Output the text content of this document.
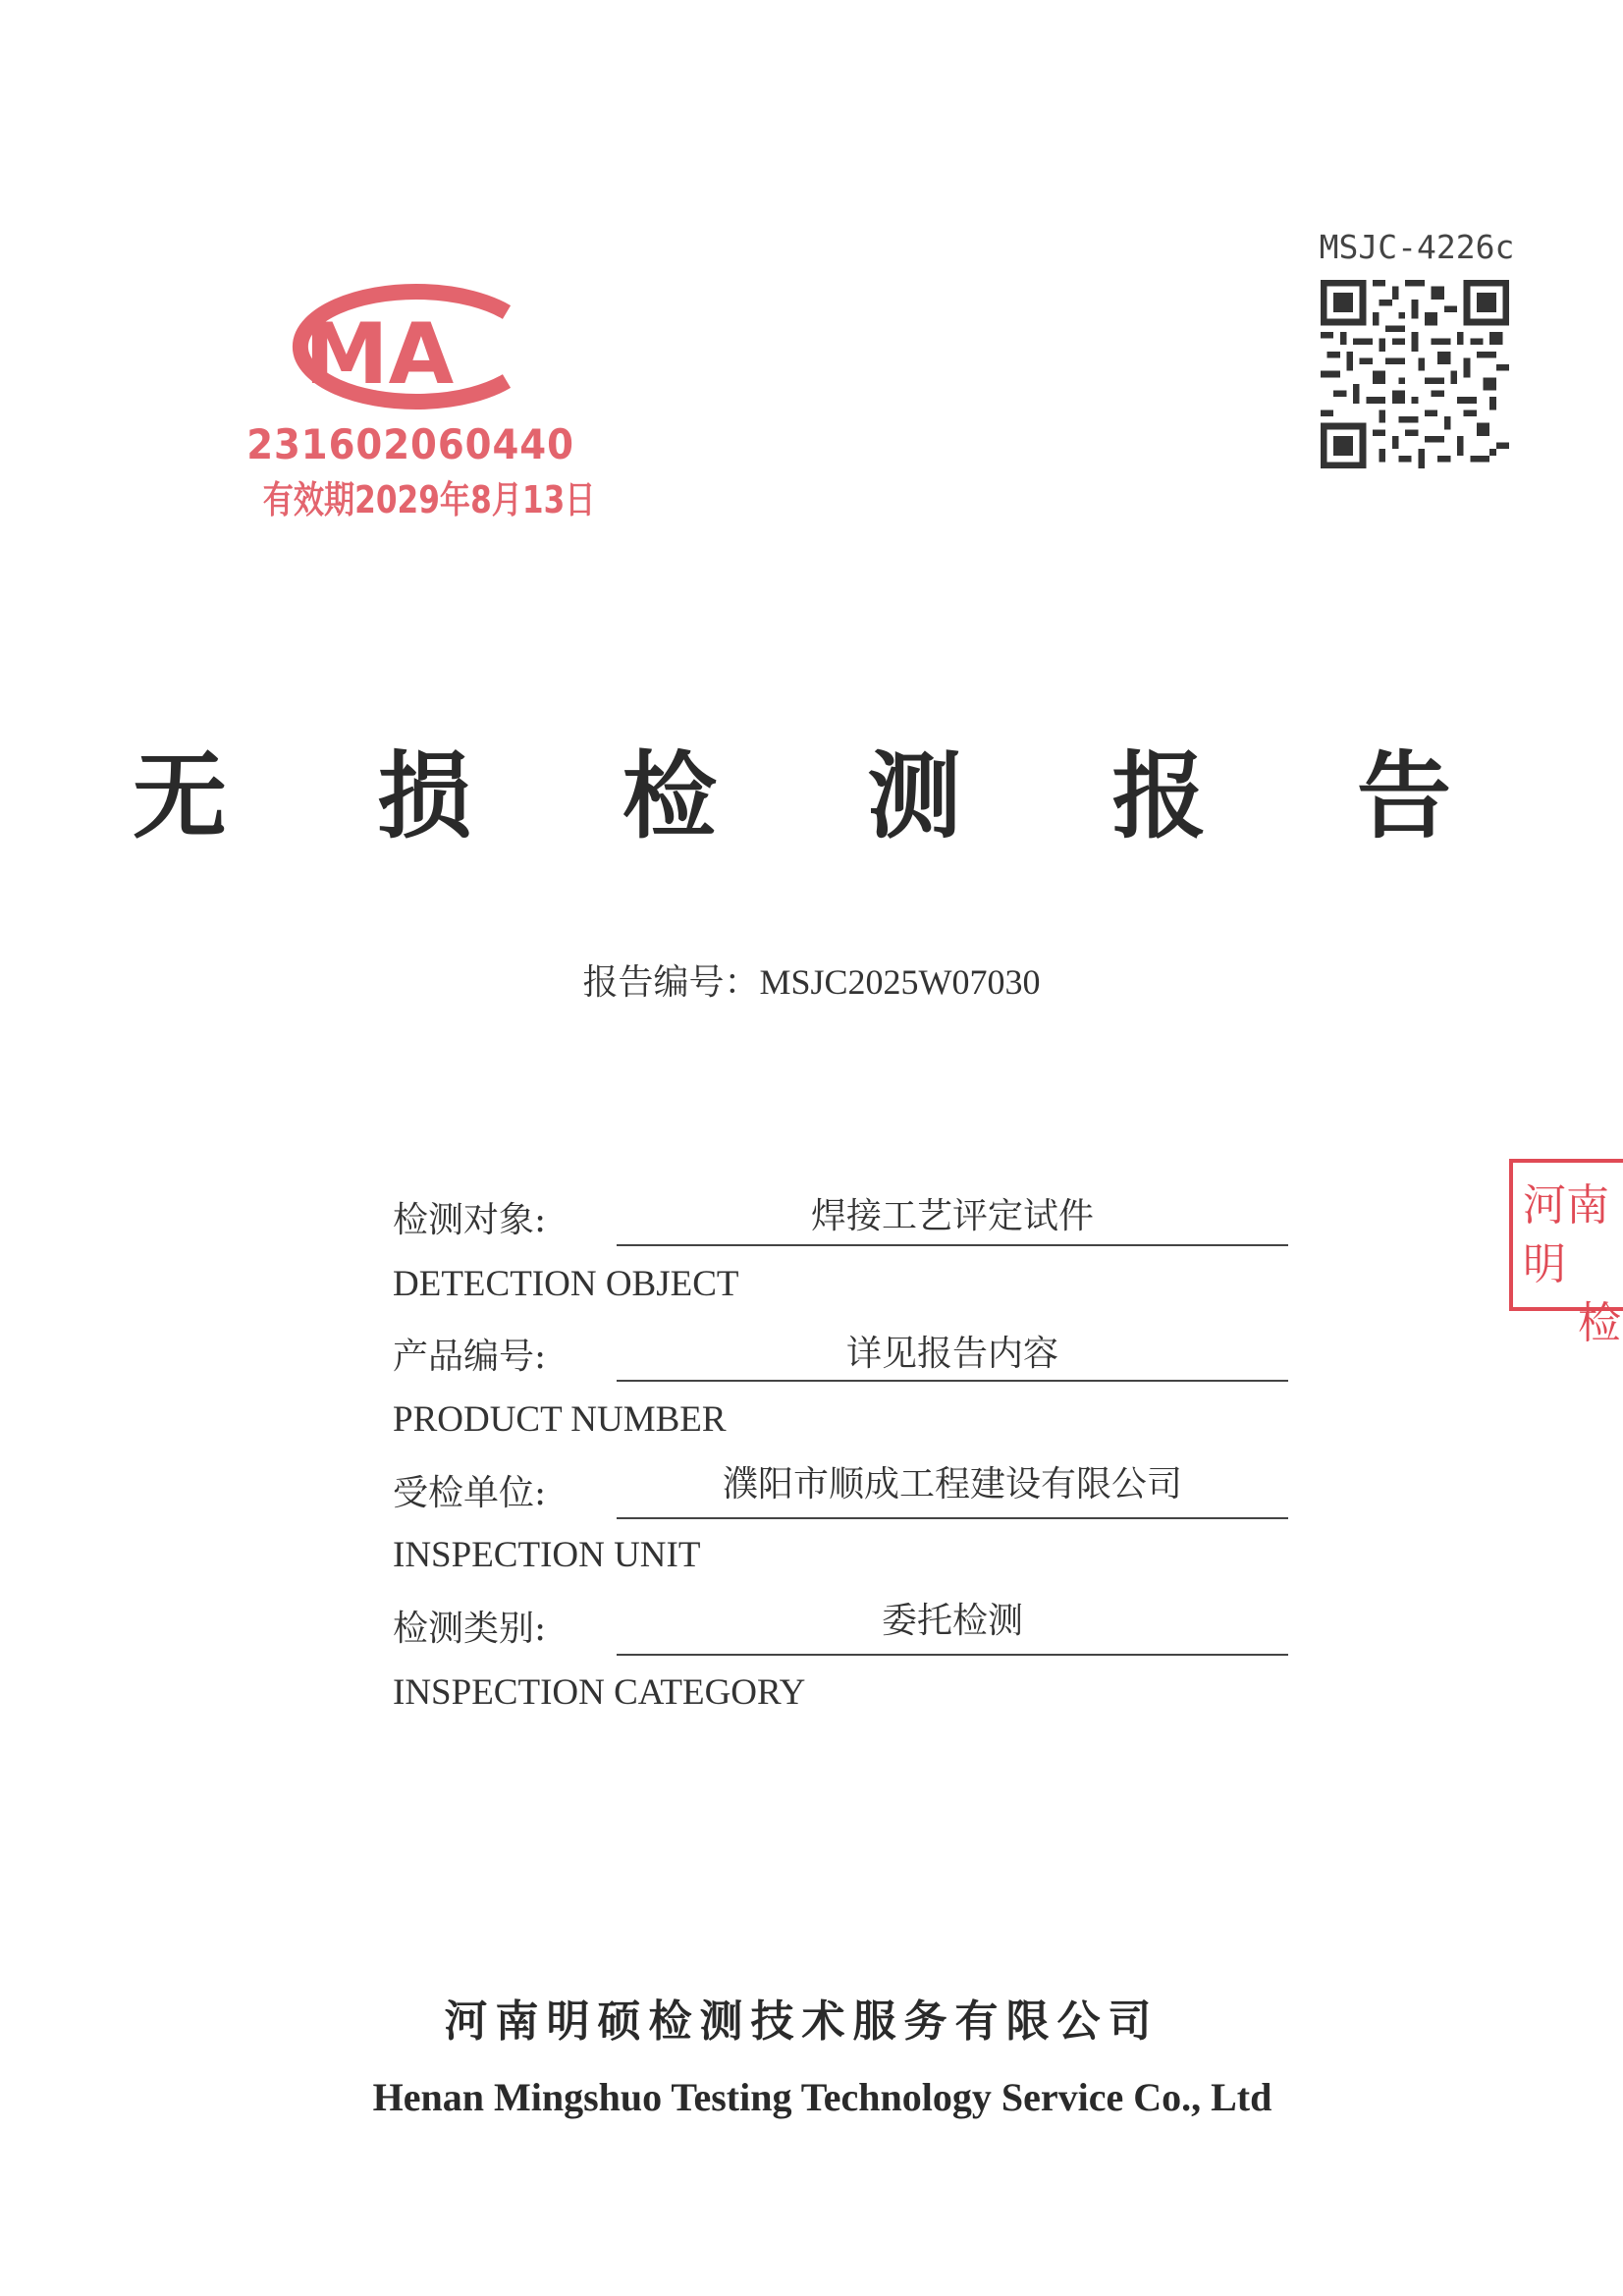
MA
231602060440
有效期2029年8月13日
MSJC-4226c
无 损 检 测 报 告
报告编号：MSJC2025W07030
检测对象:	焊接工艺评定试件
DETECTION OBJECT
产品编号:	详见报告内容
PRODUCT NUMBER
受检单位:	濮阳市顺成工程建设有限公司
INSPECTION UNIT
检测类别:	委托检测
INSPECTION CATEGORY
河南明
检
河南明硕检测技术服务有限公司
Henan Mingshuo Testing Technology Service Co., Ltd
